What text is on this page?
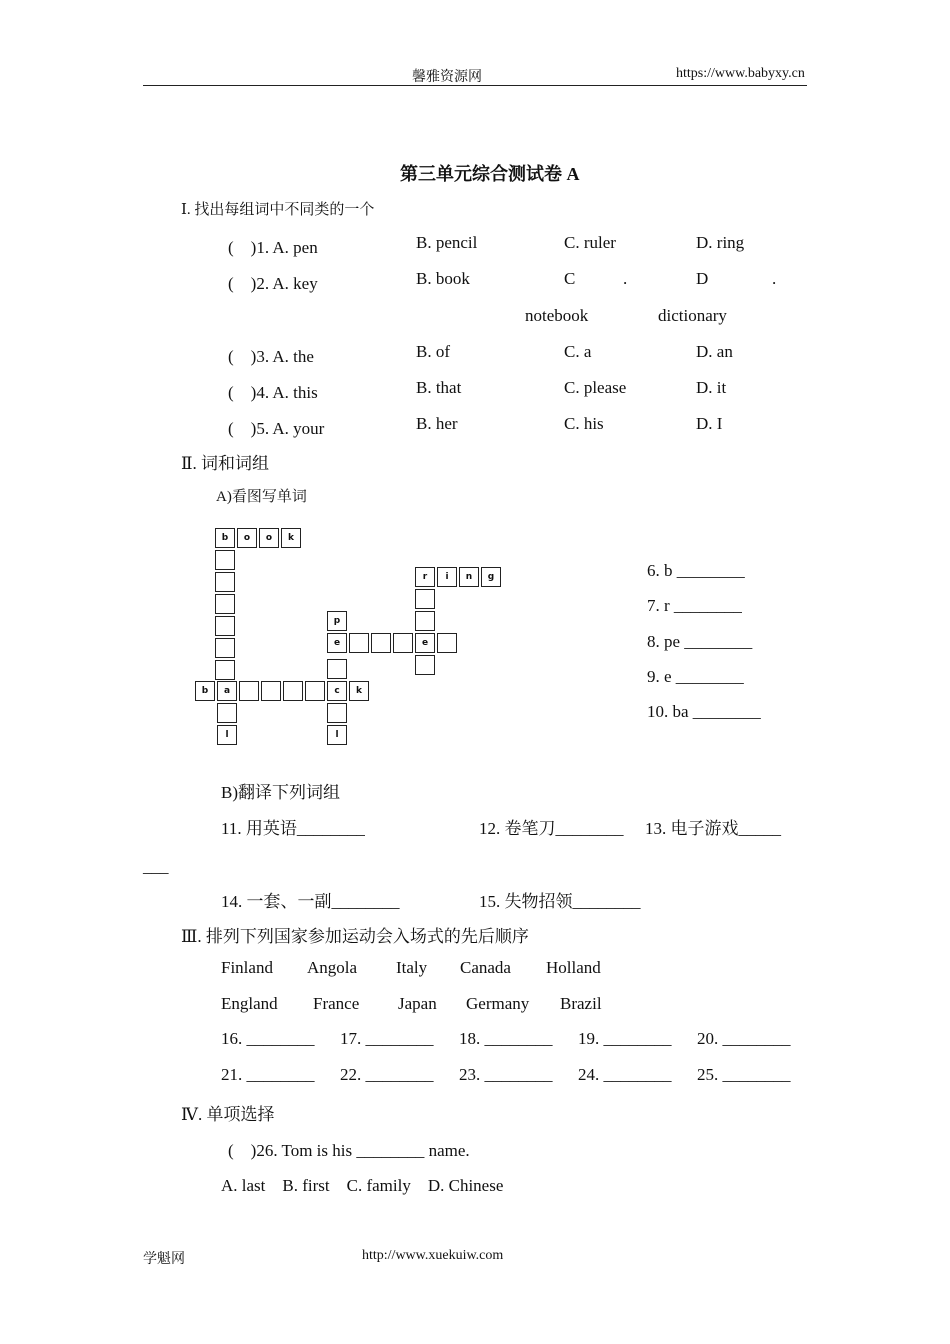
馨雅资源网	https://www.babyxy.cn
第三单元综合测试卷 A
Ⅰ. 找出每组词中不同类的一个
(　)1. A. pen	B. pencil	C. ruler	D. ring
(　)2. A. key	B. book	C	.	D	.
notebook	dictionary
(　)3. A. the	B. of	C. a	D. an
(　)4. A. this	B. that	C. please	D. it
(　)5. A. your	B. her	C. his	D. I
Ⅱ. 词和词组
A)看图写单词
b	o	o	k
b	a	c	k
l
p
e
l
e
r	i	n	g	6. b ________
7. r ________
8. pe ________
9. e ________
10. ba ________
B)翻译下列词组
11. 用英语________	12. 卷笔刀________ 13. 电子游戏_____
___
14. 一套、一副________	15. 失物招领________
Ⅲ. 排列下列国家参加运动会入场式的先后顺序
Finland Angola Italy Canada Holland
England France Japan Germany Brazil
16. ________ 17. ________ 18. ________ 19. ________ 20. ________
21. ________ 22. ________ 23. ________ 24. ________ 25. ________
Ⅳ. 单项选择
(　)26. Tom is his ________ name.
A. last　B. first　C. family　D. Chinese
学魁网	http://www.xuekuiw.com
